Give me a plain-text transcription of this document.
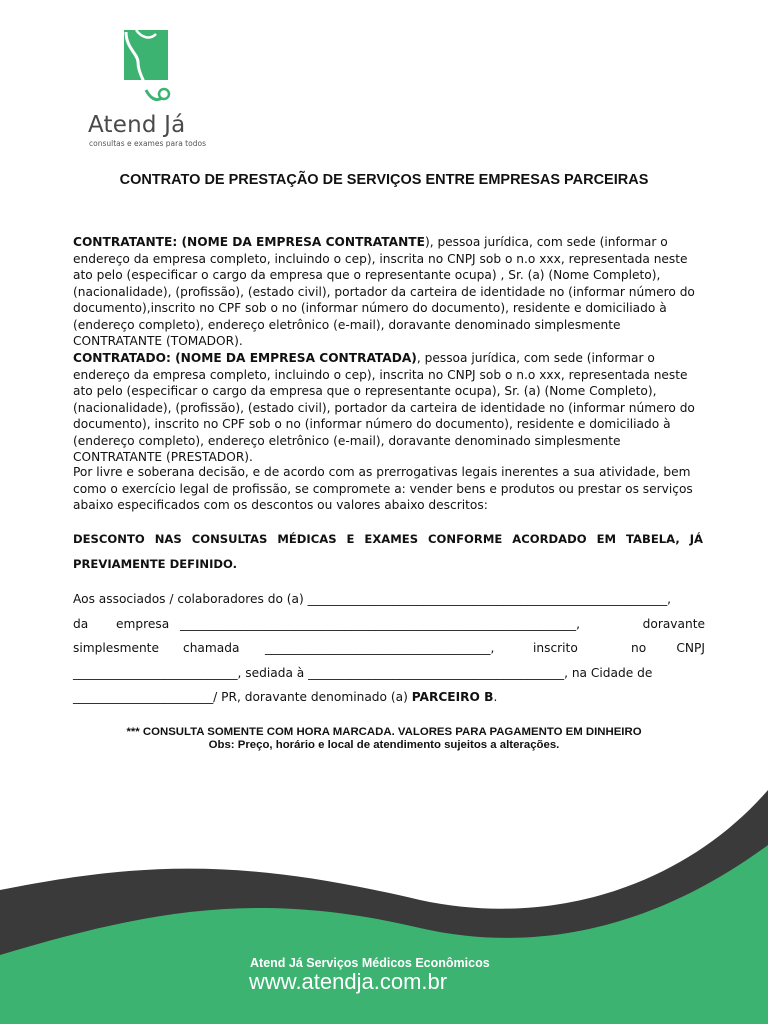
Atend Já
consultas e exames para todos
CONTRATO DE PRESTAÇÃO DE SERVIÇOS ENTRE EMPRESAS PARCEIRAS
CONTRATANTE: (NOME DA EMPRESA CONTRATANTE), pessoa jurídica, com sede (informar o endereço da empresa completo, incluindo o cep), inscrita no CNPJ sob o n.o xxx, representada neste ato pelo (especificar o cargo da empresa que o representante ocupa) , Sr. (a) (Nome Completo), (nacionalidade), (profissão), (estado civil), portador da carteira de identidade no (informar número do documento),inscrito no CPF sob o no (informar número do documento), residente e domiciliado à (endereço completo), endereço eletrônico (e-mail), doravante denominado simplesmente CONTRATANTE (TOMADOR).
CONTRATADO: (NOME DA EMPRESA CONTRATADA), pessoa jurídica, com sede (informar o endereço da empresa completo, incluindo o cep), inscrita no CNPJ sob o n.o xxx, representada neste ato pelo (especificar o cargo da empresa que o representante ocupa), Sr. (a) (Nome Completo), (nacionalidade), (profissão), (estado civil), portador da carteira de identidade no (informar número do documento), inscrito no CPF sob o no (informar número do documento), residente e domiciliado à (endereço completo), endereço eletrônico (e-mail), doravante denominado simplesmente CONTRATANTE (PRESTADOR).
Por livre e soberana decisão, e de acordo com as prerrogativas legais inerentes a sua atividade, bem como o exercício legal de profissão, se compromete a: vender bens e produtos ou prestar os serviços abaixo especificados com os descontos ou valores abaixo descritos:
DESCONTO NAS CONSULTAS MÉDICAS E EXAMES CONFORME ACORDADO EM TABELA, JÁ PREVIAMENTE DEFINIDO.
Aos associados / colaboradores do (a) ___________________________________________________________,
da empresa _________________________________________________________________,	doravante
simplesmente chamada _____________________________________,	inscrito	no CNPJ
___________________________, sediada à __________________________________________, na Cidade de
_______________________/ PR, doravante denominado (a) PARCEIRO B.
*** CONSULTA SOMENTE COM HORA MARCADA. VALORES PARA PAGAMENTO EM DINHEIRO
Obs: Preço, horário e local de atendimento sujeitos a alterações.
Atend Já Serviços Médicos Econômicos
www.atendja.com.br
